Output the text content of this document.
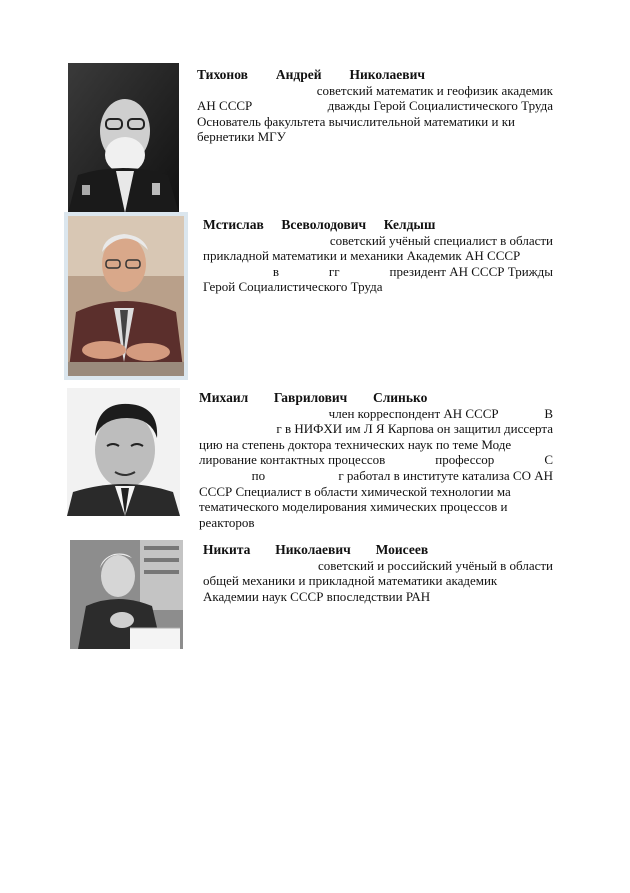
Тихонов Андрей Николаевич
советский математик и геофизик академик
АН СССР	дважды Герой Социалистического Труда
Основатель факультета вычислительной математики и ки
бернетики МГУ
Мстислав Всеволодович Келдыш
советский учёный специалист в области
прикладной математики и механики Академик АН СССР
в	гг	президент АН СССР Трижды
Герой Социалистического Труда
Михаил Гаврилович Слинько
член корреспондент АН СССР	В
г в НИФХИ им Л Я Карпова он защитил диссерта
цию на степень доктора технических наук по теме Моде
лирование контактных процессов	профессор	С
по	г работал в институте катализа СО АН
СССР Специалист в области химической технологии ма
тематического моделирования химических процессов и
реакторов
Никита Николаевич Моисеев
советский и российский учёный в области
общей механики и прикладной математики академик
Академии наук СССР впоследствии РАН
